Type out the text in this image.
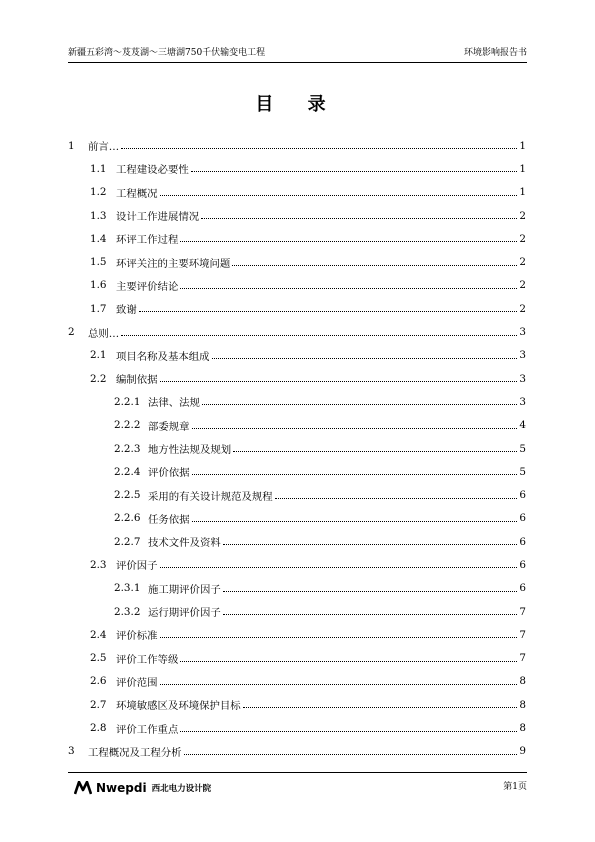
新疆五彩湾～芨芨湖～三塘湖750千伏输变电工程	环境影响报告书
目 录
1	前言…	1
1.1 工程建设必要性	1
1.2 工程概况	1
1.3 设计工作进展情况	2
1.4 环评工作过程	2
1.5 环评关注的主要环境问题	2
1.6 主要评价结论	2
1.7 致谢	2
2	总则…	3
2.1 项目名称及基本组成	3
2.2 编制依据	3
2.2.1 法律、法规	3
2.2.2 部委规章	4
2.2.3 地方性法规及规划	5
2.2.4 评价依据	5
2.2.5 采用的有关设计规范及规程	6
2.2.6 任务依据	6
2.2.7 技术文件及资料	6
2.3 评价因子	6
2.3.1 施工期评价因子	6
2.3.2 运行期评价因子	7
2.4 评价标准	7
2.5 评价工作等级	7
2.6 评价范围	8
2.7 环境敏感区及环境保护目标	8
2.8 评价工作重点	8
3	工程概况及工程分析	9
Nwepdi 西北电力设计院	第1页
